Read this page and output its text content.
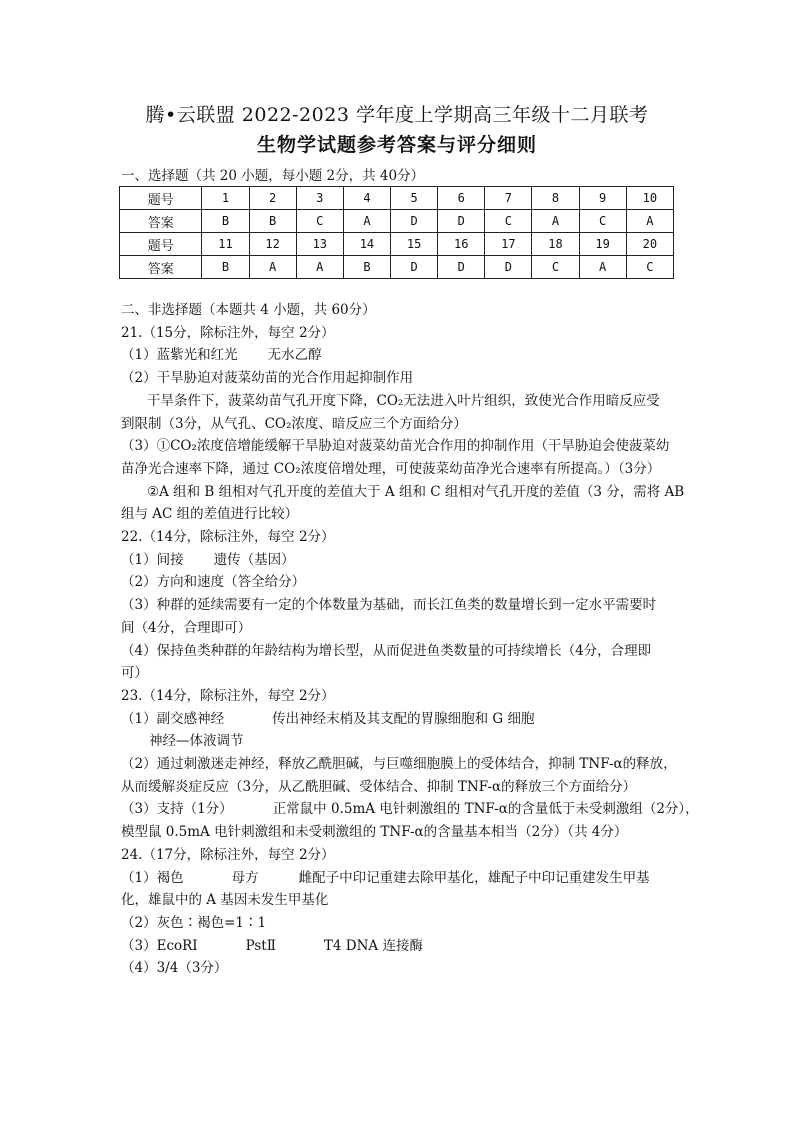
腾•云联盟 2022-2023 学年度上学期高三年级十二月联考
生物学试题参考答案与评分细则
一、选择题（共 20 小题，每小题 2分，共 40分）
题号	1	2	3	4	5	6	7	8	9	10
答案	B	B	C	A	D	D	C	A	C	A
题号	11	12	13	14	15	16	17	18	19	20
答案	B	A	A	B	D	D	D	C	A	C
二、非选择题（本题共 4 小题，共 60分）
21.（15分，除标注外，每空 2分）
（1）蓝紫光和红光 无水乙醇
（2）干旱胁迫对菠菜幼苗的光合作用起抑制作用
干旱条件下，菠菜幼苗气孔开度下降，CO₂无法进入叶片组织，致使光合作用暗反应受
到限制（3分，从气孔、CO₂浓度、暗反应三个方面给分）
（3）①CO₂浓度倍增能缓解干旱胁迫对菠菜幼苗光合作用的抑制作用（干旱胁迫会使菠菜幼
苗净光合速率下降，通过 CO₂浓度倍增处理，可使菠菜幼苗净光合速率有所提高。）（3分）
②A 组和 B 组相对气孔开度的差值大于 A 组和 C 组相对气孔开度的差值（3 分，需将 AB
组与 AC 组的差值进行比较）
22.（14分，除标注外，每空 2分）
（1）间接 遗传（基因）
（2）方向和速度（答全给分）
（3）种群的延续需要有一定的个体数量为基础，而长江鱼类的数量增长到一定水平需要时
间（4分，合理即可）
（4）保持鱼类种群的年龄结构为增长型，从而促进鱼类数量的可持续增长（4分，合理即
可）
23.（14分，除标注外，每空 2分）
（1）副交感神经	传出神经末梢及其支配的胃腺细胞和 G 细胞
神经—体液调节
（2）通过刺激迷走神经，释放乙酰胆碱，与巨噬细胞膜上的受体结合，抑制 TNF-α的释放，
从而缓解炎症反应（3分，从乙酰胆碱、受体结合、抑制 TNF-α的释放三个方面给分）
（3）支持（1分）	正常鼠中 0.5mA 电针刺激组的 TNF-α的含量低于未受刺激组（2分），
模型鼠 0.5mA 电针刺激组和未受刺激组的 TNF-α的含量基本相当（2分）（共 4分）
24.（17分，除标注外，每空 2分）
（1）褐色	母方	雌配子中印记重建去除甲基化，雄配子中印记重建发生甲基
化，雄鼠中的 A 基因未发生甲基化
（2）灰色∶褐色=1∶1
（3）EcoRⅠ	PstⅡ	T4 DNA 连接酶
（4）3/4（3分）
